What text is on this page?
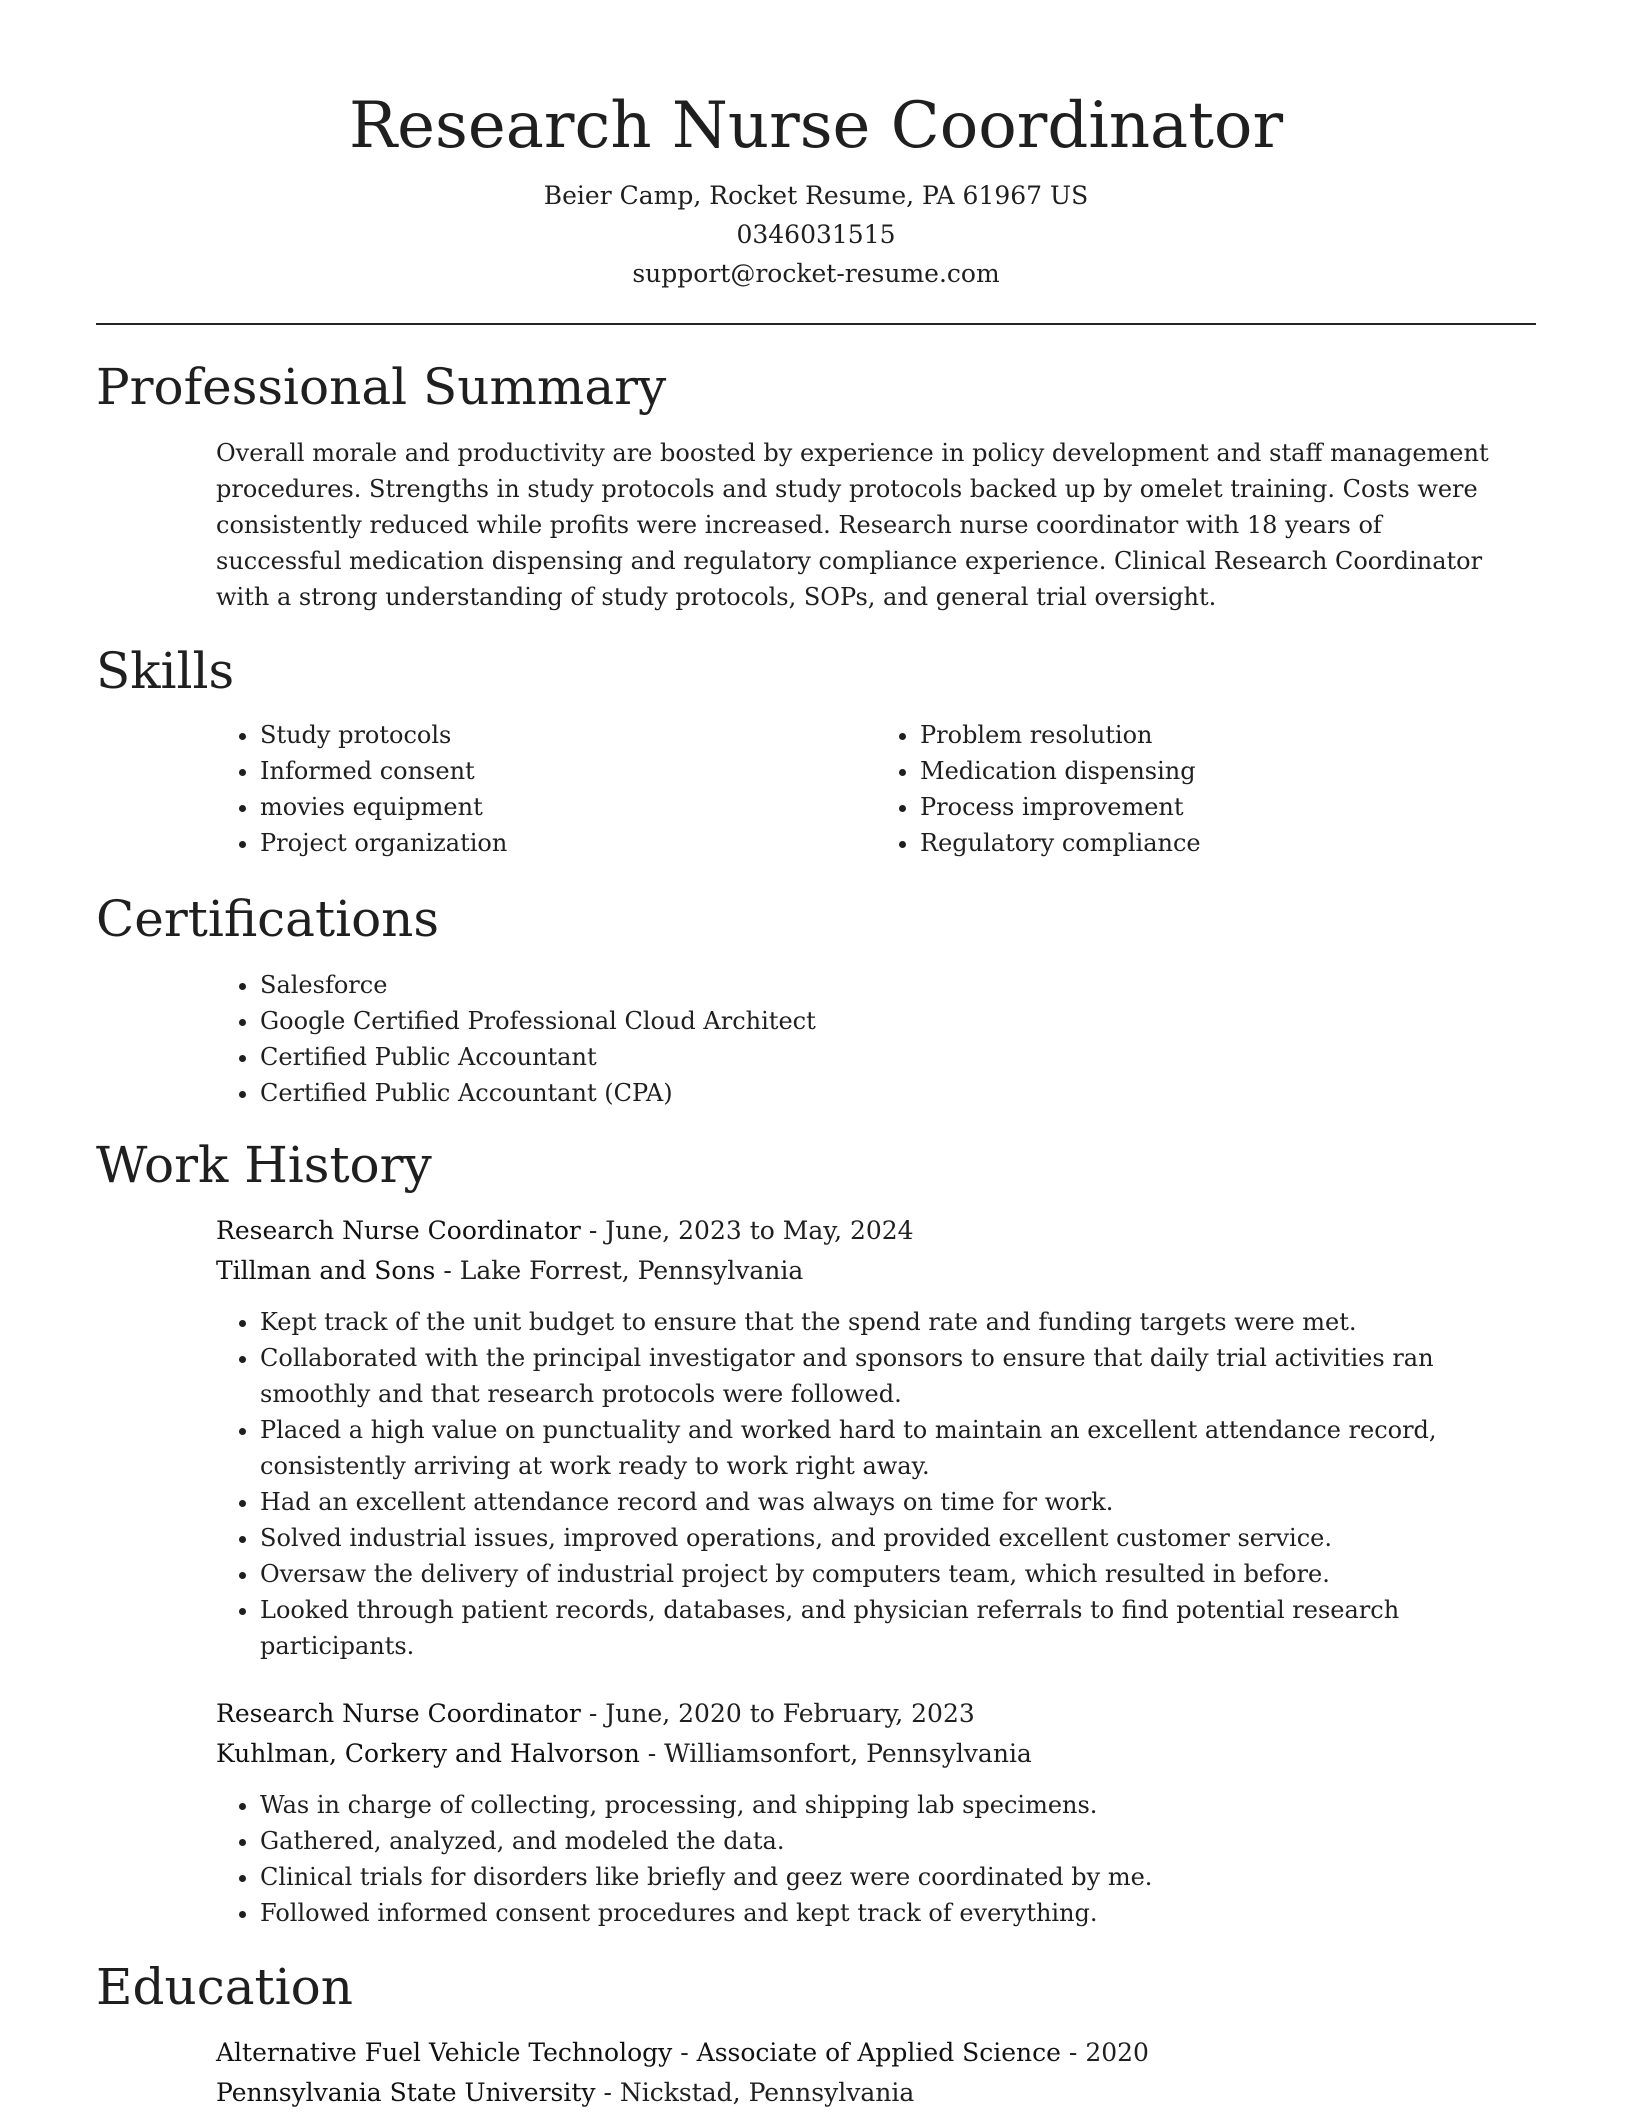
Research Nurse Coordinator
Beier Camp, Rocket Resume, PA 61967 US
0346031515
support@rocket-resume.com
Professional Summary

Overall morale and productivity are boosted by experience in policy development and staff management procedures. Strengths in study protocols and study protocols backed up by omelet training. Costs were consistently reduced while profits were increased. Research nurse coordinator with 18 years of successful medication dispensing and regulatory compliance experience. Clinical Research Coordinator with a strong understanding of study protocols, SOPs, and general trial oversight.

Skills
• Study protocols
• Informed consent
• movies equipment
• Project organization
• Problem resolution
• Medication dispensing
• Process improvement
• Regulatory compliance
Certifications
• Salesforce
• Google Certified Professional Cloud Architect
• Certified Public Accountant
• Certified Public Accountant (CPA)
Work History
Research Nurse Coordinator - June, 2023 to May, 2024
Tillman and Sons - Lake Forrest, Pennsylvania
• Kept track of the unit budget to ensure that the spend rate and funding targets were met.
• Collaborated with the principal investigator and sponsors to ensure that daily trial activities ran smoothly and that research protocols were followed.
• Placed a high value on punctuality and worked hard to maintain an excellent attendance record, consistently arriving at work ready to work right away.
• Had an excellent attendance record and was always on time for work.
• Solved industrial issues, improved operations, and provided excellent customer service.
• Oversaw the delivery of industrial project by computers team, which resulted in before.
• Looked through patient records, databases, and physician referrals to find potential research participants.
Research Nurse Coordinator - June, 2020 to February, 2023
Kuhlman, Corkery and Halvorson - Williamsonfort, Pennsylvania
• Was in charge of collecting, processing, and shipping lab specimens.
• Gathered, analyzed, and modeled the data.
• Clinical trials for disorders like briefly and geez were coordinated by me.
• Followed informed consent procedures and kept track of everything.
Education
Alternative Fuel Vehicle Technology - Associate of Applied Science - 2020
Pennsylvania State University - Nickstad, Pennsylvania
